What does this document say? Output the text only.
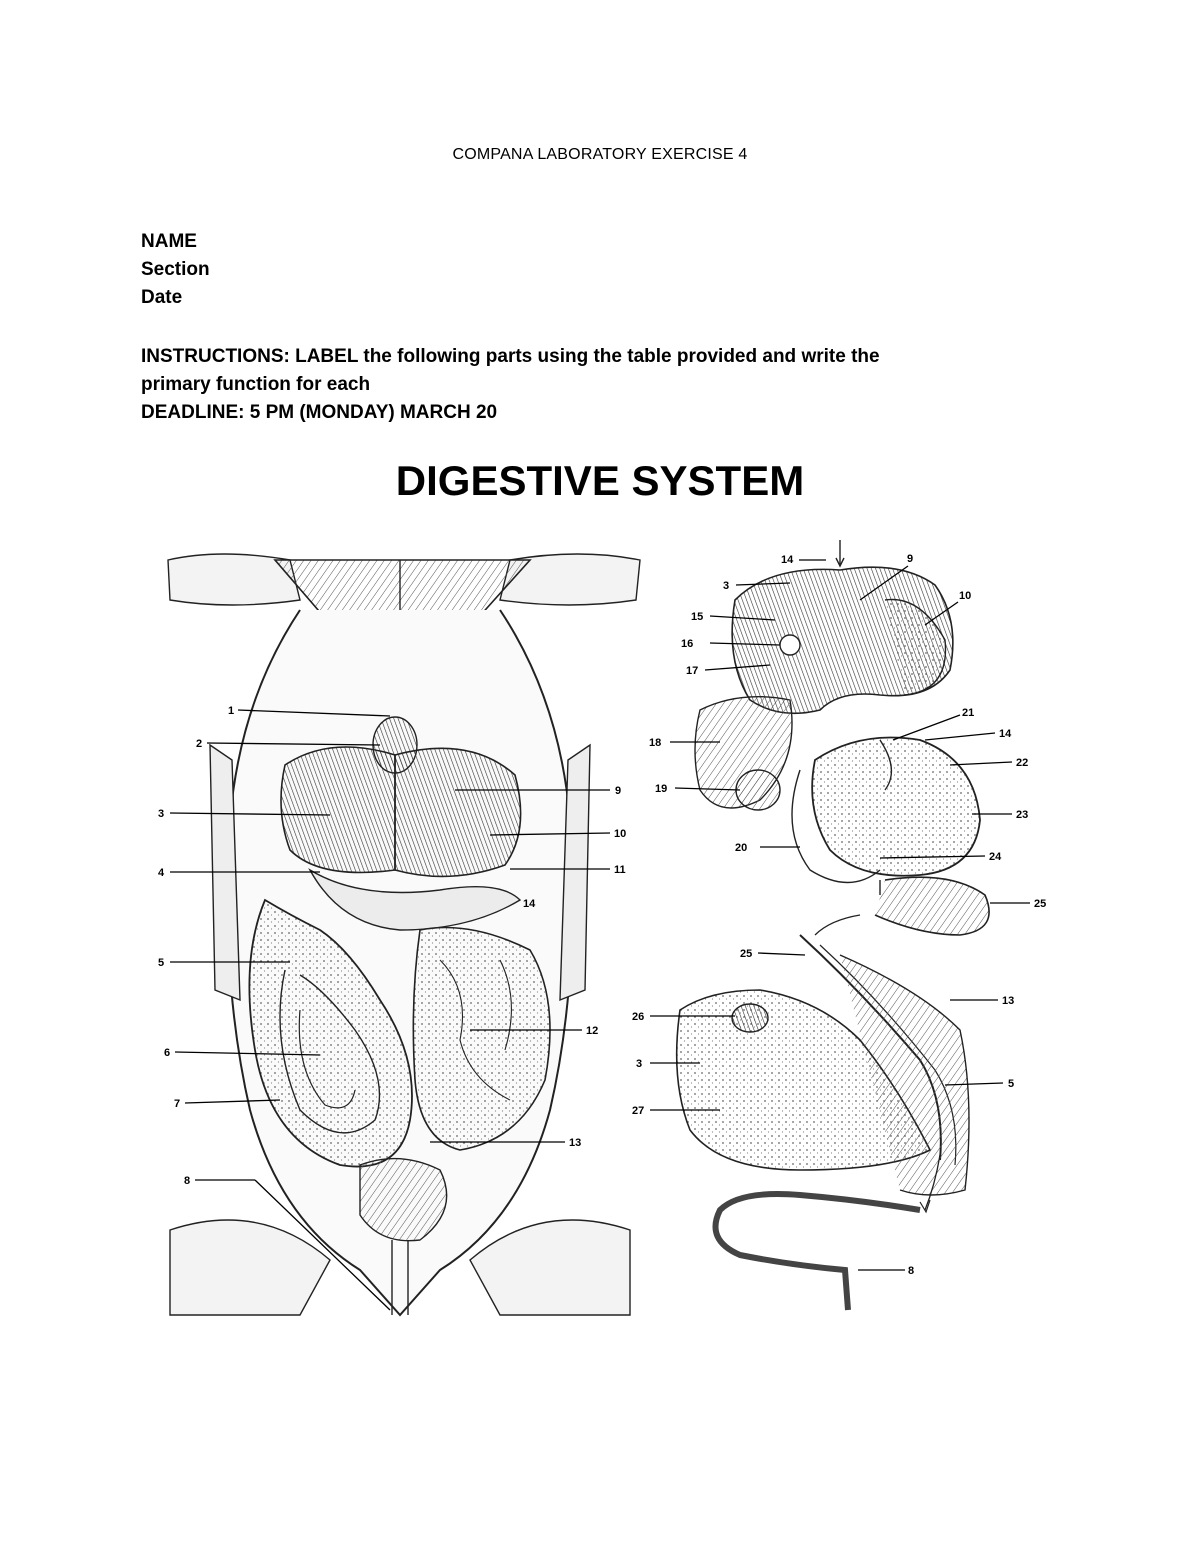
COMPANA LABORATORY EXERCISE 4
NAME
Section
Date
INSTRUCTIONS: LABEL the following parts using the table provided and write the
primary function for each
DEADLINE: 5 PM (MONDAY) MARCH 20
DIGESTIVE SYSTEM
1
2
3
4
5
6
7
8
9
10
11
12
13
14
14	9
3
10
15
16
17
21
14
18
22
19
23
20
24
25
25
13
26
3
5
27
8
